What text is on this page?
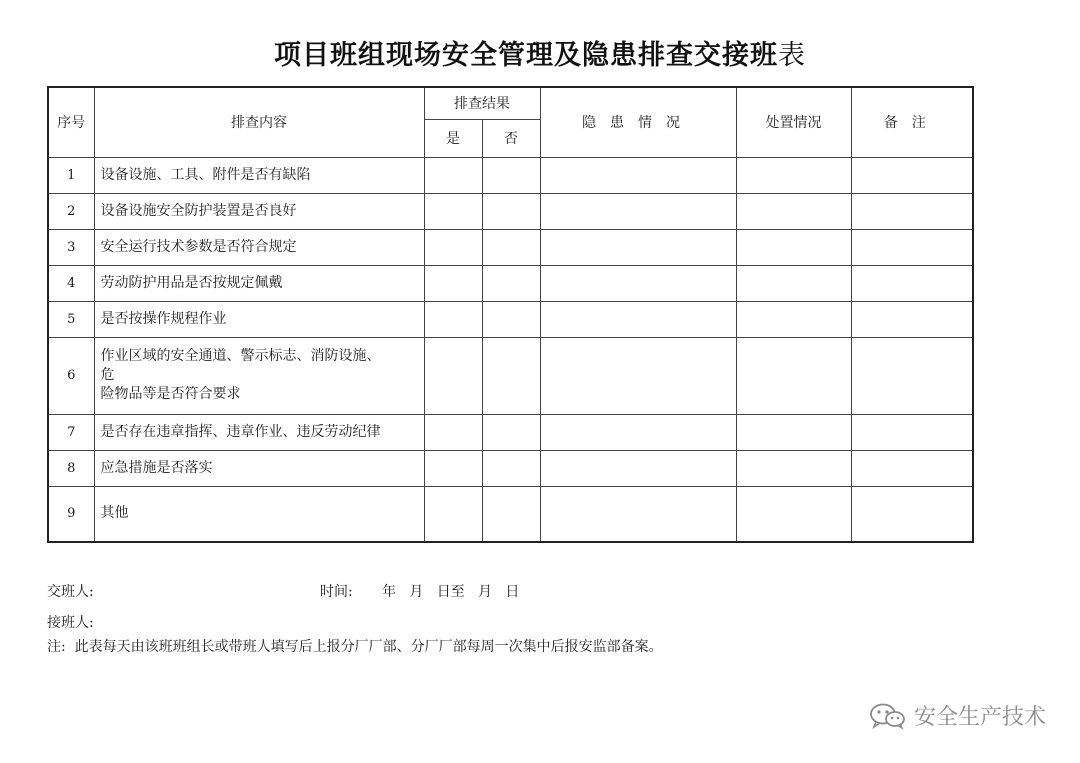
项目班组现场安全管理及隐患排查交接班表
序号	排查内容	排查结果		隐患情况	处置情况	备注
		是	否			
1	设备设施、工具、附件是否有缺陷					
2	设备设施安全防护装置是否良好					
3	安全运行技术参数是否符合规定					
4	劳动防护用品是否按规定佩戴					
5	是否按操作规程作业					
6	作业区域的安全通道、警示标志、消防设施、
危
险物品等是否符合要求					

7	是否存在违章指挥、违章作业、违反劳动纪律					
8	应急措施是否落实					
9	其他					
交班人:	时间: 年   月   日至   月   日
接班人:
注:  此表每天由该班班组长或带班人填写后上报分厂厂部、分厂厂部每周一次集中后报安监部备案。
安全生产技术
